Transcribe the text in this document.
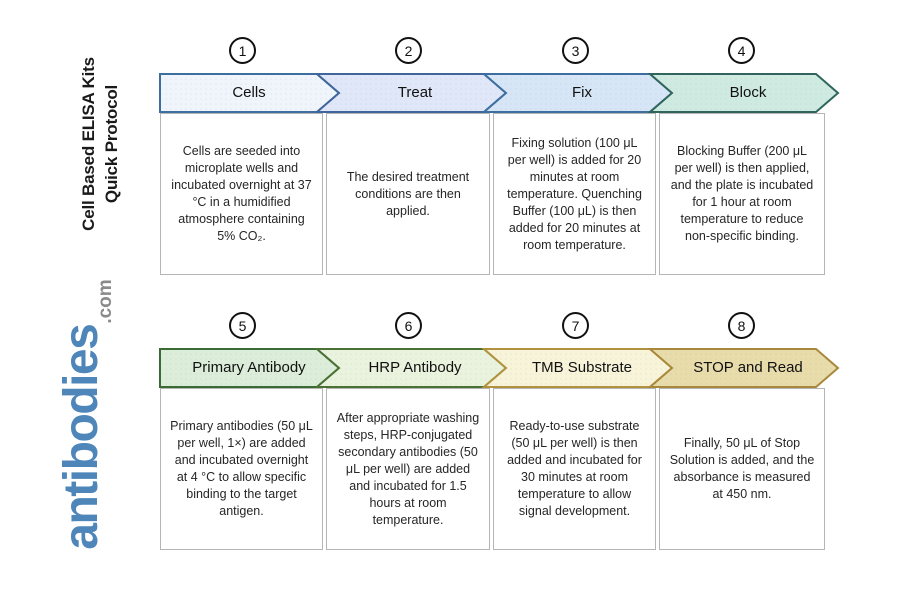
Cell Based ELISA Kits Quick Protocol
antibodies$_{.com}$
1	2	3	4
Cells	Treat	Fix	Block
Cells are seeded into microplate wells and incubated overnight at 37 °C in a humidified atmosphere containing 5% CO₂.
The desired treatment conditions are then applied.
Fixing solution (100 μL per well) is added for 20 minutes at room temperature. Quenching Buffer (100 μL) is then added for 20 minutes at room temperature.
Blocking Buffer (200 μL per well) is then applied, and the plate is incubated for 1 hour at room temperature to reduce non-specific binding.
5	6	7	8
Primary Antibody	HRP Antibody	TMB Substrate	STOP and Read
Primary antibodies (50 μL per well, 1×) are added and incubated overnight at 4 °C to allow specific binding to the target antigen.
After appropriate washing steps, HRP-conjugated secondary antibodies (50 μL per well) are added and incubated for 1.5 hours at room temperature.
Ready-to-use substrate (50 μL per well) is then added and incubated for 30 minutes at room temperature to allow signal development.
Finally, 50 μL of Stop Solution is added, and the absorbance is measured at 450 nm.
